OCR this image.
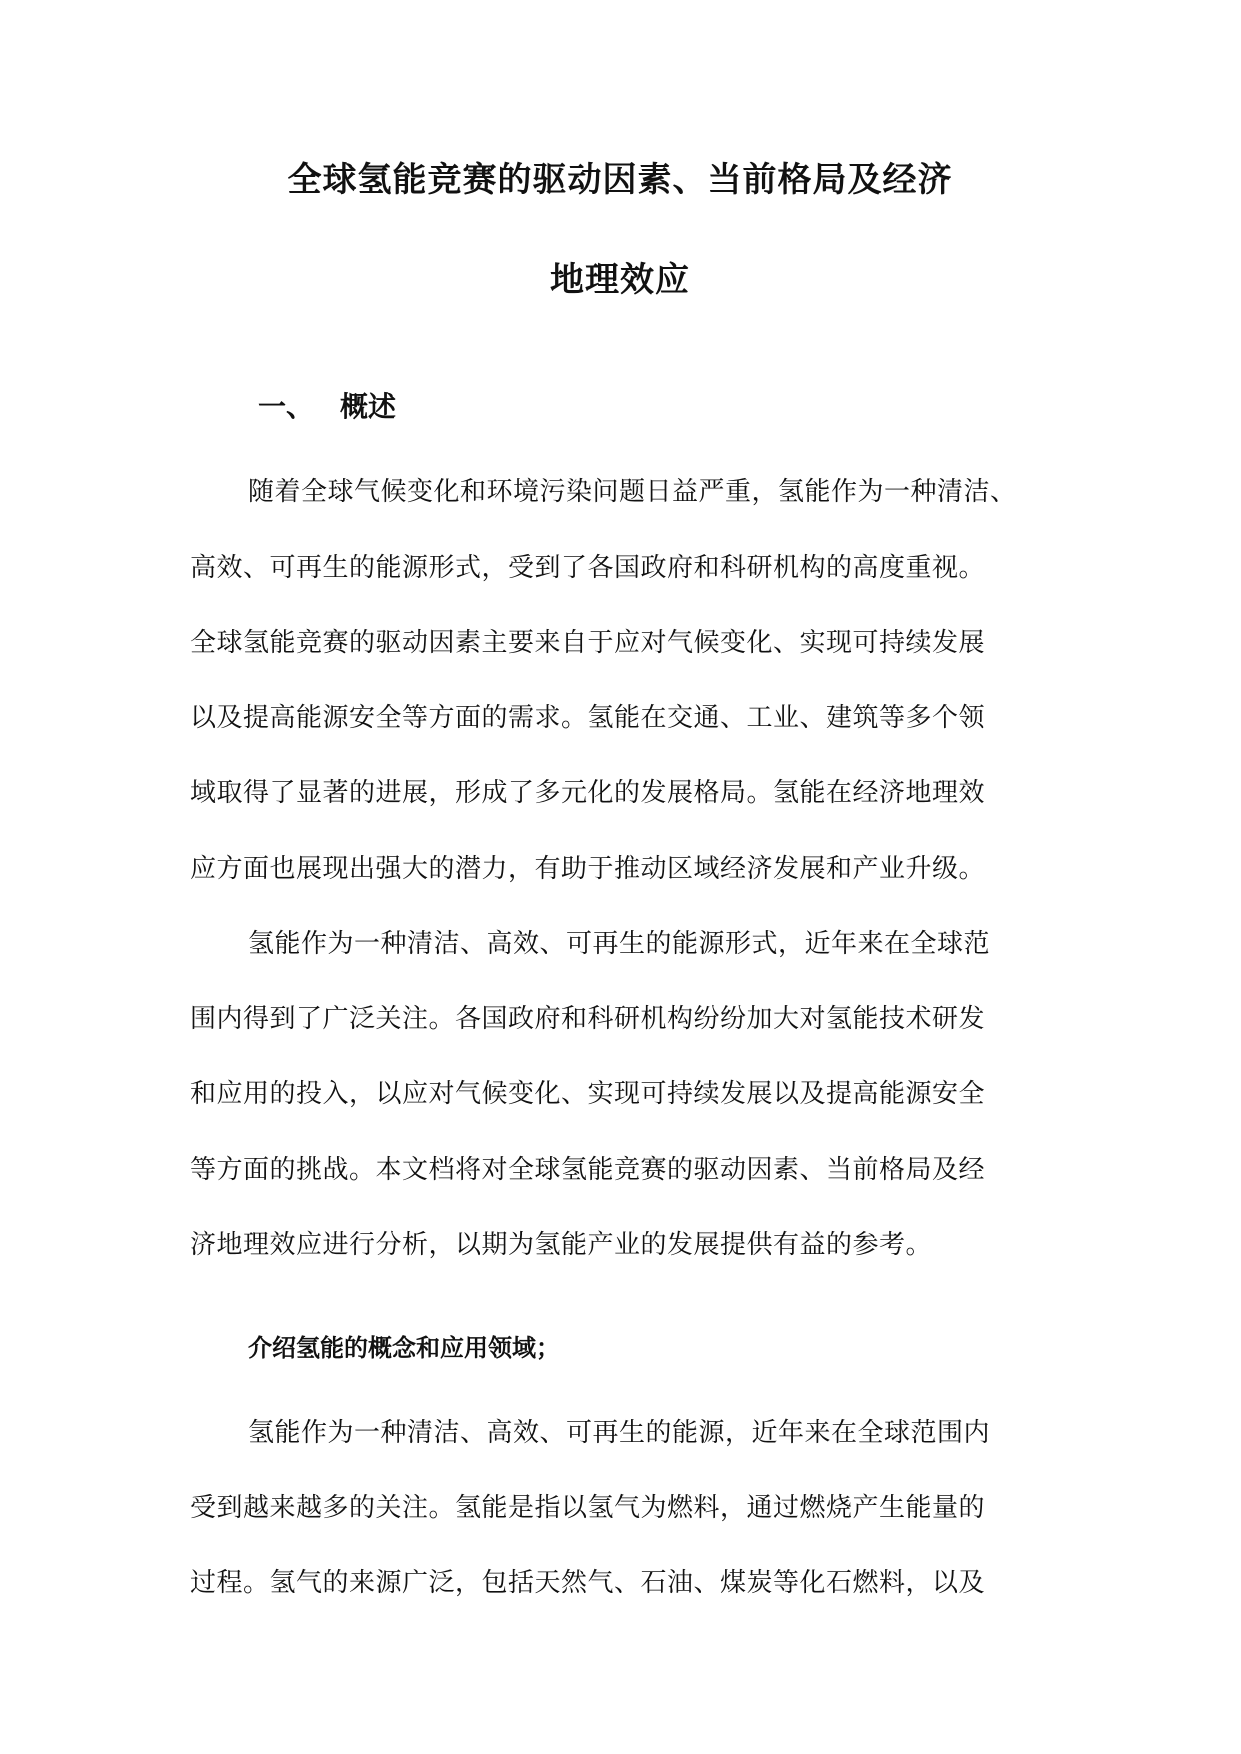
全球氢能竞赛的驱动因素、当前格局及经济
地理效应
一、 概述

随着全球气候变化和环境污染问题日益严重，氢能作为一种清洁、

高效、可再生的能源形式，受到了各国政府和科研机构的高度重视。

全球氢能竞赛的驱动因素主要来自于应对气候变化、实现可持续发展

以及提高能源安全等方面的需求。氢能在交通、工业、建筑等多个领

域取得了显著的进展，形成了多元化的发展格局。氢能在经济地理效

应方面也展现出强大的潜力，有助于推动区域经济发展和产业升级。

氢能作为一种清洁、高效、可再生的能源形式，近年来在全球范

围内得到了广泛关注。各国政府和科研机构纷纷加大对氢能技术研发

和应用的投入，以应对气候变化、实现可持续发展以及提高能源安全

等方面的挑战。本文档将对全球氢能竞赛的驱动因素、当前格局及经

济地理效应进行分析，以期为氢能产业的发展提供有益的参考。

介绍氢能的概念和应用领域；

氢能作为一种清洁、高效、可再生的能源，近年来在全球范围内

受到越来越多的关注。氢能是指以氢气为燃料，通过燃烧产生能量的

过程。氢气的来源广泛，包括天然气、石油、煤炭等化石燃料，以及
